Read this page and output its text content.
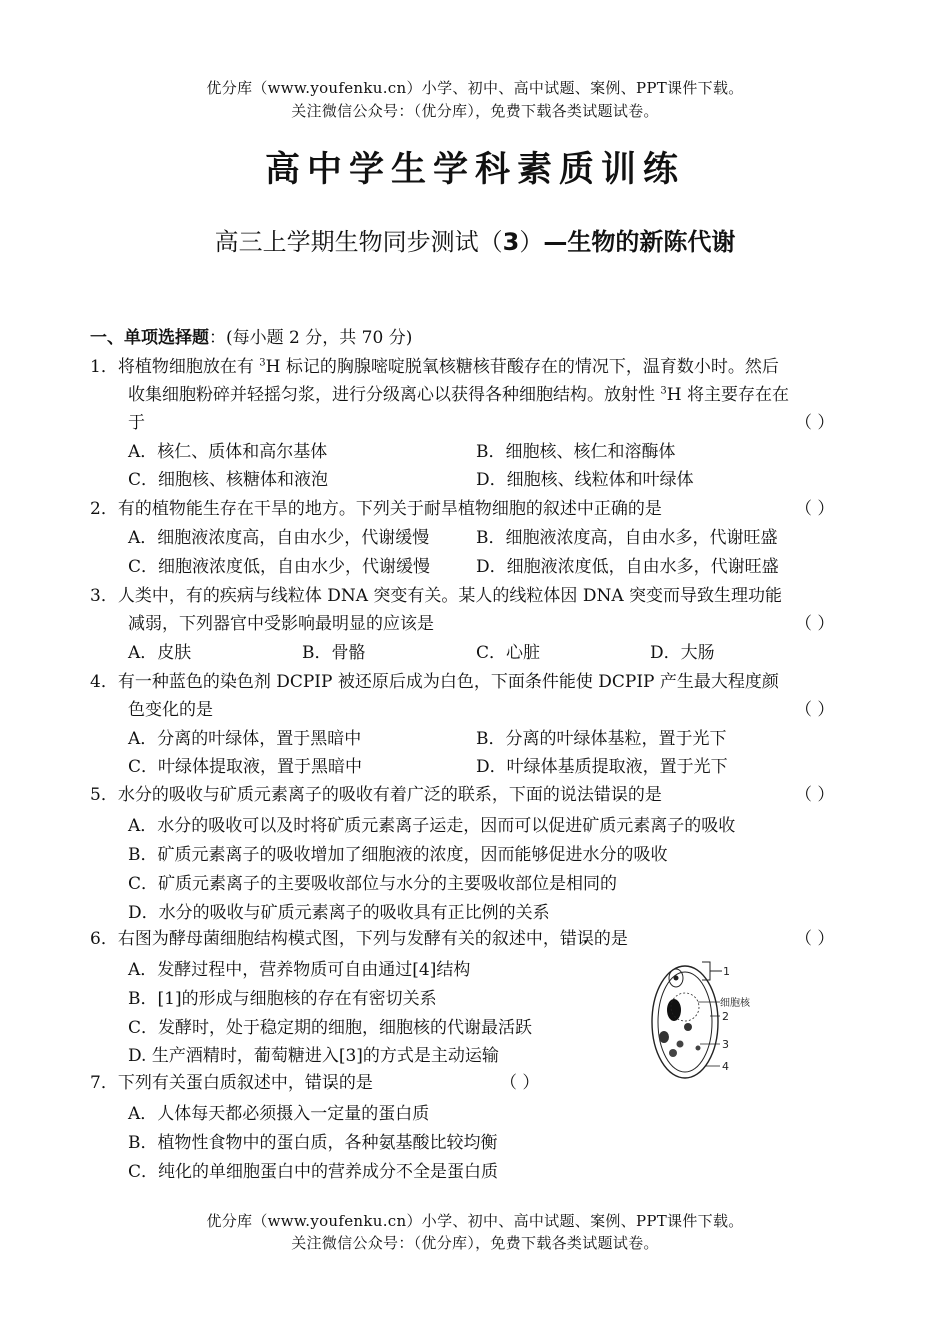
优分库（www.youfenku.cn）小学、初中、高中试题、案例、PPT课件下载。
关注微信公众号：（优分库），免费下载各类试题试卷。
高中学生学科素质训练
高三上学期生物同步测试（3）—生物的新陈代谢
一、单项选择题：(每小题 2 分，共 70 分)
1．将植物细胞放在有 $^3$H 标记的胸腺嘧啶脱氧核糖核苷酸存在的情况下，温育数小时。然后
收集细胞粉碎并轻摇匀浆，进行分级离心以获得各种细胞结构。放射性 $^3$H 将主要存在在
于	（ ）
A．核仁、质体和高尔基体	B．细胞核、核仁和溶酶体
C．细胞核、核糖体和液泡	D．细胞核、线粒体和叶绿体
2．有的植物能生存在干旱的地方。下列关于耐旱植物细胞的叙述中正确的是	（ ）
A．细胞液浓度高，自由水少，代谢缓慢	B．细胞液浓度高，自由水多，代谢旺盛
C．细胞液浓度低，自由水少，代谢缓慢	D．细胞液浓度低，自由水多，代谢旺盛
3．人类中，有的疾病与线粒体 DNA 突变有关。某人的线粒体因 DNA 突变而导致生理功能
减弱，下列器官中受影响最明显的应该是	（ ）
A．皮肤	B．骨骼	C．心脏	D．大肠
4．有一种蓝色的染色剂 DCPIP 被还原后成为白色，下面条件能使 DCPIP 产生最大程度颜
色变化的是	（ ）
A．分离的叶绿体，置于黑暗中	B．分离的叶绿体基粒，置于光下
C．叶绿体提取液，置于黑暗中	D．叶绿体基质提取液，置于光下
5．水分的吸收与矿质元素离子的吸收有着广泛的联系，下面的说法错 •误 •的是	（ ）
A．水分的吸收可以及时将矿质元素离子运走，因而可以促进矿质元素离子的吸收
B．矿质元素离子的吸收增加了细胞液的浓度，因而能够促进水分的吸收
C．矿质元素离子的主要吸收部位与水分的主要吸收部位是相同的
D．水分的吸收与矿质元素离子的吸收具有正比例的关系
6．右图为酵母菌细胞结构模式图，下列与发酵有关的叙述中，错 •误 •的是	（ ）
A．发酵过程中，营养物质可自由通过[4]结构
B．[1]的形成与细胞核的存在有密切关系
C．发酵时，处于稳定期的细胞，细胞核的代谢最活跃
D. 生产酒精时，葡萄糖进入[3]的方式是主动运输
1
细胞核
2
3
4
7．下列有关蛋白质叙述中，错 •误 •的是	（ ）
A．人体每天都必须摄入一定量的蛋白质
B．植物性食物中的蛋白质，各种氨基酸比较均衡
C．纯化的单细胞蛋白中的营养成分不全是蛋白质
优分库（www.youfenku.cn）小学、初中、高中试题、案例、PPT课件下载。
关注微信公众号：（优分库），免费下载各类试题试卷。
